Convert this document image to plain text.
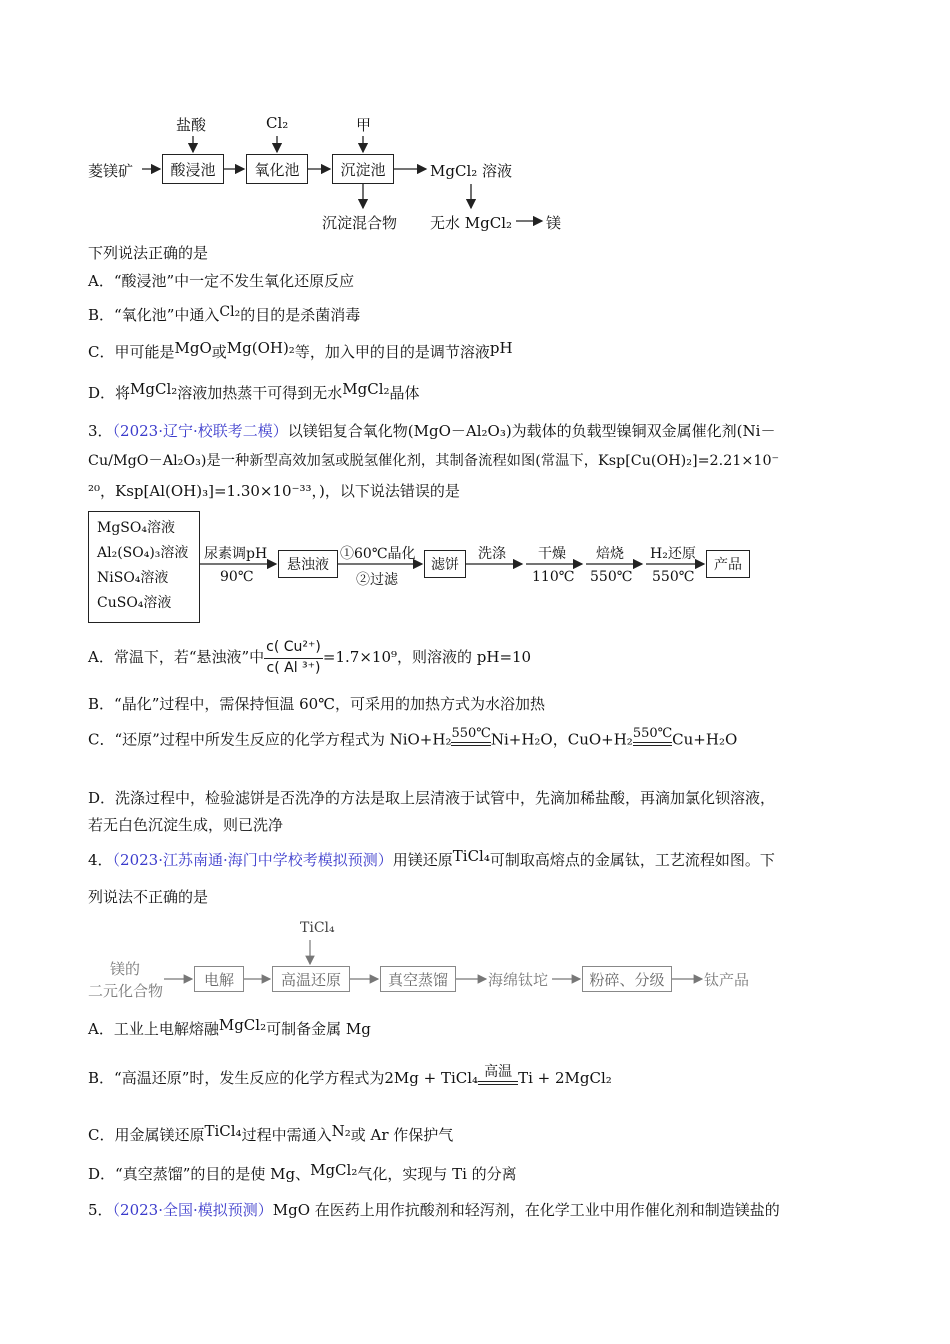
盐酸	Cl₂	甲
菱镁矿	酸浸池	氧化池	沉淀池	MgCl₂ 溶液
沉淀混合物 无水 MgCl₂ 镁
下列说法正确的是
A．“酸浸池”中一定不发生氧化还原反应
B．“氧化池”中通入Cl₂的目的是杀菌消毒
C．甲可能是MgO或Mg(OH)₂等，加入甲的目的是调节溶液pH
D．将MgCl₂溶液加热蒸干可得到无水MgCl₂晶体
3．（2023·辽宁·校联考二模）以镁铝复合氧化物(MgO－Al₂O₃)为载体的负载型镍铜双金属催化剂(Ni－
Cu/MgO－Al₂O₃)是一种新型高效加氢或脱氢催化剂，其制备流程如图(常温下，Ksp[Cu(OH)₂]=2.21×10⁻
²⁰，Ksp[Al(OH)₃]=1.30×10⁻³³，)，以下说法错误的是
MgSO₄溶液
Al₂(SO₄)₃溶液
NiSO₄溶液
CuSO₄溶液
尿素调pH
90℃
悬浊液
①60℃晶化
②过滤
滤饼
洗涤 干燥
110℃
焙烧
550℃
H₂还原
550℃
产品
A．常温下，若“悬浊液”中 $\frac{\text{c( Cu²⁺)}}{\text{c( Al ³⁺)}} =1.7\times 10^9$，则溶液的 pH=10
B．“晶化”过程中，需保持恒温 60℃，可采用的加热方式为水浴加热
C．“还原”过程中所发生反应的化学方程式为 NiO+H₂ 550℃ Ni+H₂O，CuO+H₂ 550℃ Cu+H₂O
D．洗涤过程中，检验滤饼是否洗净的方法是取上层清液于试管中，先滴加稀盐酸，再滴加氯化钡溶液，
若无白色沉淀生成，则已洗净
4．（2023·江苏南通·海门中学校考模拟预测）用镁还原TiCl₄可制取高熔点的金属钛，工艺流程如图。下
列说法不正确的是
TiCl₄
镁的
二元化合物
电解	高温还原	真空蒸馏	海绵钛坨	粉碎、分级	钛产品
A．工业上电解熔融MgCl₂可制备金属 Mg
B．“高温还原”时，发生反应的化学方程式为2Mg + TiCl₄ 高温 Ti + 2MgCl₂
C．用金属镁还原TiCl₄过程中需通入N₂或 Ar 作保护气
D．“真空蒸馏”的目的是使 Mg、MgCl₂气化，实现与 Ti 的分离
5．（2023·全国·模拟预测）MgO 在医药上用作抗酸剂和轻泻剂，在化学工业中用作催化剂和制造镁盐的
